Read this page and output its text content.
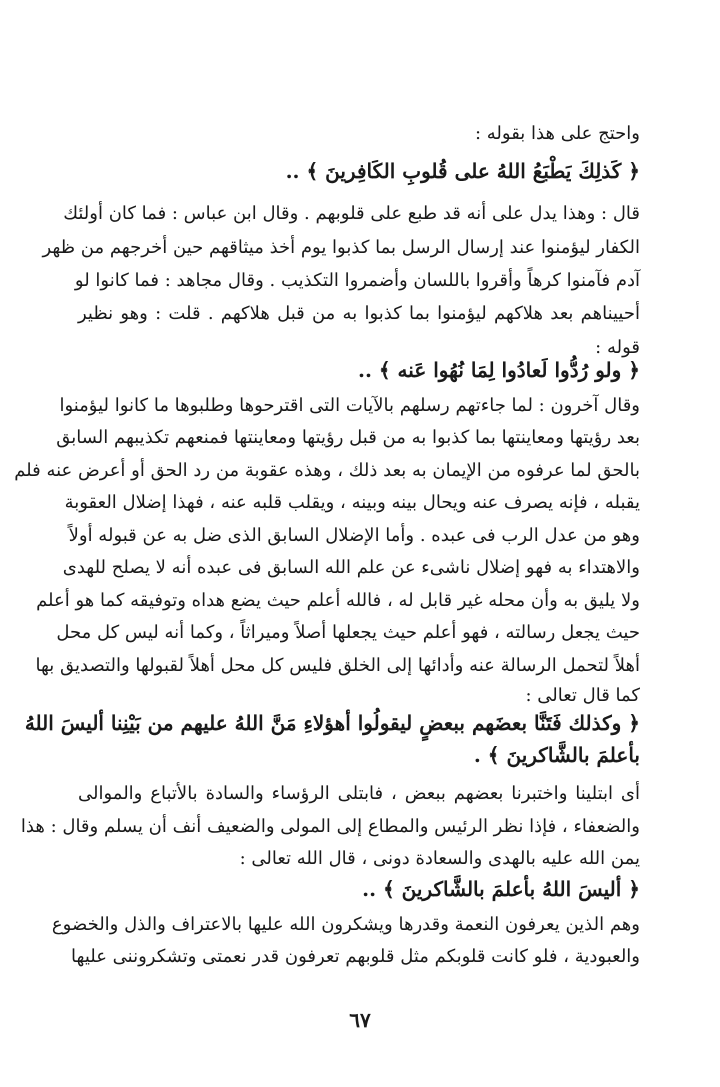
واحتج على هذا بقوله :
﴿ كَذلِكَ يَطْبَعُ اللهُ على قُلوبِ الكَافِرينَ ﴾ ..
قال : وهذا يدل على أنه قد طبع على قلوبهم . وقال ابن عباس : فما كان أولئك
الكفار ليؤمنوا عند إرسال الرسل بما كذبوا يوم أخذ ميثاقهم حين أخرجهم من ظهر
آدم فآمنوا كرهاً وأقروا باللسان وأضمروا التكذيب . وقال مجاهد : فما كانوا لو
أحييناهم بعد هلاكهم ليؤمنوا بما كذبوا به من قبل هلاكهم . قلت : وهو نظير
قوله :
﴿ ولو رُدُّوا لَعادُوا لِمَا نُهُوا عَنه ﴾ ..
وقال آخرون : لما جاءتهم رسلهم بالآيات التى اقترحوها وطلبوها ما كانوا ليؤمنوا
بعد رؤيتها ومعاينتها بما كذبوا به من قبل رؤيتها ومعاينتها فمنعهم تكذيبهم السابق
بالحق لما عرفوه من الإيمان به بعد ذلك ، وهذه عقوبة من رد الحق أو أعرض عنه فلم
يقبله ، فإنه يصرف عنه ويحال بينه وبينه ، ويقلب قلبه عنه ، فهذا إضلال العقوبة
وهو من عدل الرب فى عبده . وأما الإضلال السابق الذى ضل به عن قبوله أولاً
والاهتداء به فهو إضلال ناشىء عن علم الله السابق فى عبده أنه لا يصلح للهدى
ولا يليق به وأن محله غير قابل له ، فالله أعلم حيث يضع هداه وتوفيقه كما هو أعلم
حيث يجعل رسالته ، فهو أعلم حيث يجعلها أصلاً وميراثاً ، وكما أنه ليس كل محل
أهلاً لتحمل الرسالة عنه وأدائها إلى الخلق فليس كل محل أهلاً لقبولها والتصديق بها
كما قال تعالى :
﴿ وكذلك فَتَنَّا بعضَهم ببعضٍ ليقولُوا أهؤلاءِ مَنَّ اللهُ عليهم من بَيْنِنا أليسَ اللهُ
بأعلمَ بالشَّاكرينَ ﴾ .
أى ابتلينا واختبرنا بعضهم ببعض ، فابتلى الرؤساء والسادة بالأتباع والموالى
والضعفاء ، فإذا نظر الرئيس والمطاع إلى المولى والضعيف أنف أن يسلم وقال : هذا
يمن الله عليه بالهدى والسعادة دونى ، قال الله تعالى :
﴿ أليسَ اللهُ بأعلمَ بالشَّاكرينَ ﴾ ..
وهم الذين يعرفون النعمة وقدرها ويشكرون الله عليها بالاعتراف والذل والخضوع
والعبودية ، فلو كانت قلوبكم مثل قلوبهم تعرفون قدر نعمتى وتشكروننى عليها
٦٧
